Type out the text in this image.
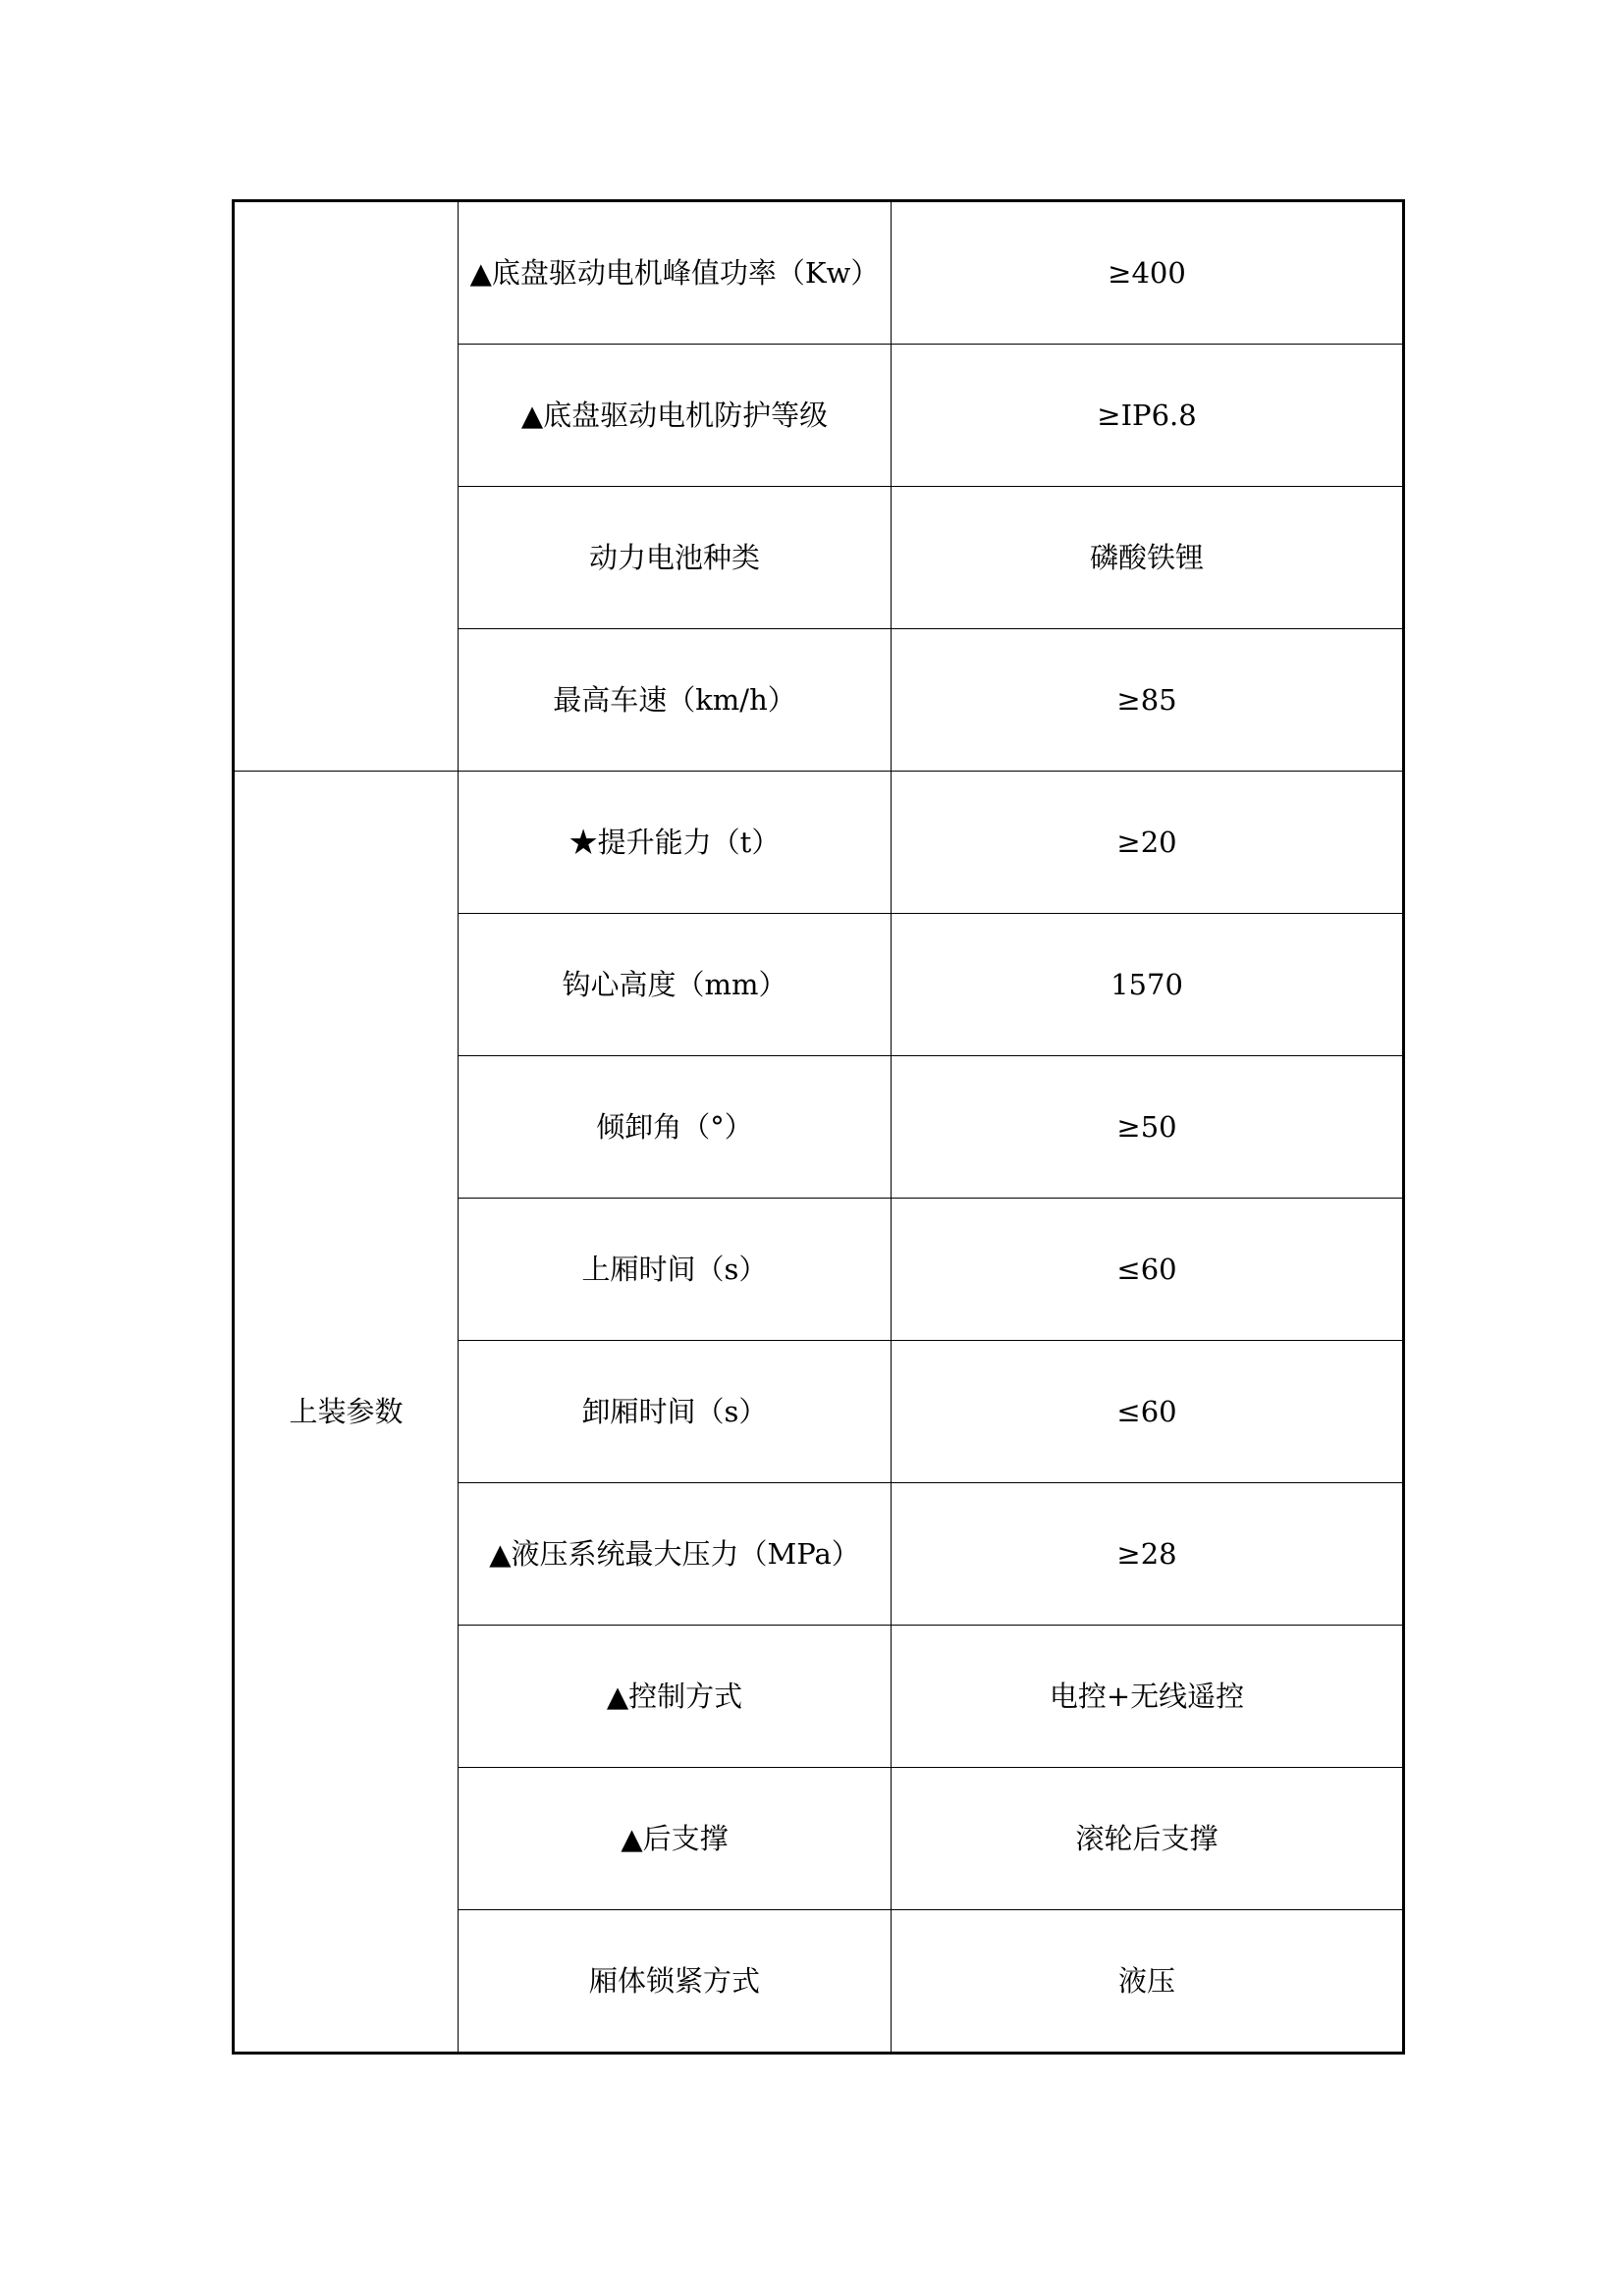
	▲底盘驱动电机峰值功率（Kw）	≥400
	▲底盘驱动电机防护等级	≥IP6.8
	动力电池种类	磷酸铁锂
	最高车速（km/h）	≥85
上装参数	★提升能力（t）	≥20
	钩心高度（mm）	1570
	倾卸角（°）	≥50
	上厢时间（s）	≤60
	卸厢时间（s）	≤60
	▲液压系统最大压力（MPa）	≥28
	▲控制方式	电控+无线遥控
	▲后支撑	滚轮后支撑
	厢体锁紧方式	液压
